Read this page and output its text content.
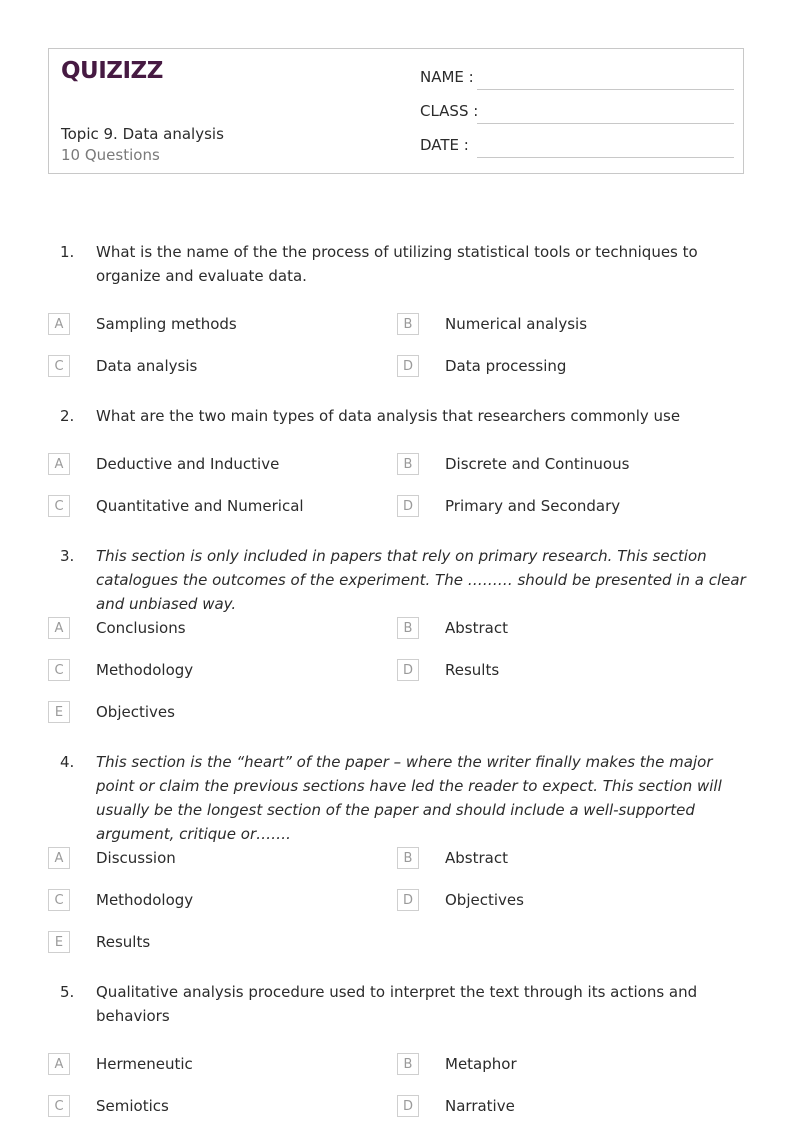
QUIZIZZ
Topic 9. Data analysis
10 Questions
NAME :
CLASS :
DATE :
1. What is the name of the the process of utilizing statistical tools or techniques to organize and evaluate data.
A	Sampling methods	B	Numerical analysis
C	Data analysis	D	Data processing
2. What are the two main types of data analysis that researchers commonly use
A	Deductive and Inductive	B	Discrete and Continuous
C	Quantitative and Numerical	D	Primary and Secondary
3. This section is only included in papers that rely on primary research. This section catalogues the outcomes of the experiment. The ……… should be presented in a clear and unbiased way.
A	Conclusions	B	Abstract
C	Methodology	D	Results
E	Objectives
4. This section is the “heart” of the paper – where the writer finally makes the major point or claim the previous sections have led the reader to expect. This section will usually be the longest section of the paper and should include a well-supported argument, critique or…….
A	Discussion	B	Abstract
C	Methodology	D	Objectives
E	Results
5. Qualitative analysis procedure used to interpret the text through its actions and behaviors
A	Hermeneutic	B	Metaphor
C	Semiotics	D	Narrative
